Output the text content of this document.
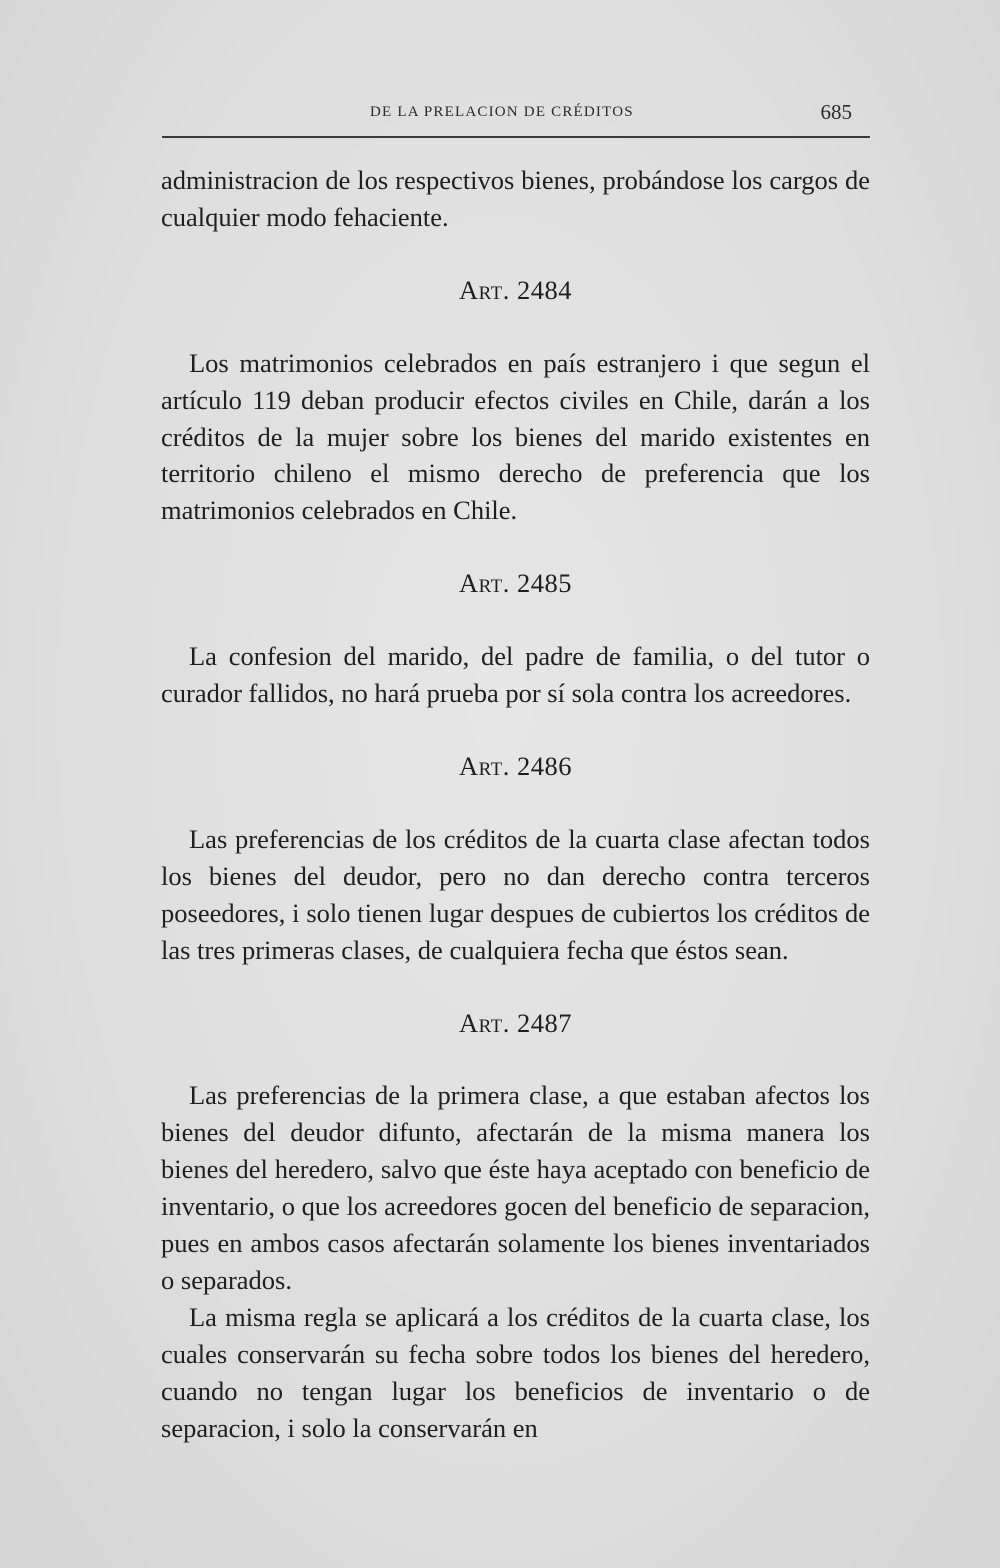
DE LA PRELACION DE CRÉDITOS	685

administracion de los respectivos bienes, probándose los cargos de cualquier modo fehaciente.

Art. 2484

Los matrimonios celebrados en país estranjero i que segun el artículo 119 deban producir efectos civiles en Chile, darán a los créditos de la mujer sobre los bienes del marido existentes en territorio chileno el mismo derecho de preferencia que los matrimonios celebrados en Chile.

Art. 2485

La confesion del marido, del padre de familia, o del tutor o curador fallidos, no hará prueba por sí sola contra los acreedores.

Art. 2486

Las preferencias de los créditos de la cuarta clase afectan todos los bienes del deudor, pero no dan derecho contra terceros poseedores, i solo tienen lugar despues de cubiertos los créditos de las tres primeras clases, de cualquiera fecha que éstos sean.

Art. 2487

Las preferencias de la primera clase, a que estaban afectos los bienes del deudor difunto, afectarán de la misma manera los bienes del heredero, salvo que éste haya aceptado con beneficio de inventario, o que los acreedores gocen del beneficio de separacion, pues en ambos casos afectarán solamente los bienes inventariados o separados.

La misma regla se aplicará a los créditos de la cuarta clase, los cuales conservarán su fecha sobre todos los bienes del heredero, cuando no tengan lugar los beneficios de inventario o de separacion, i solo la conservarán en
